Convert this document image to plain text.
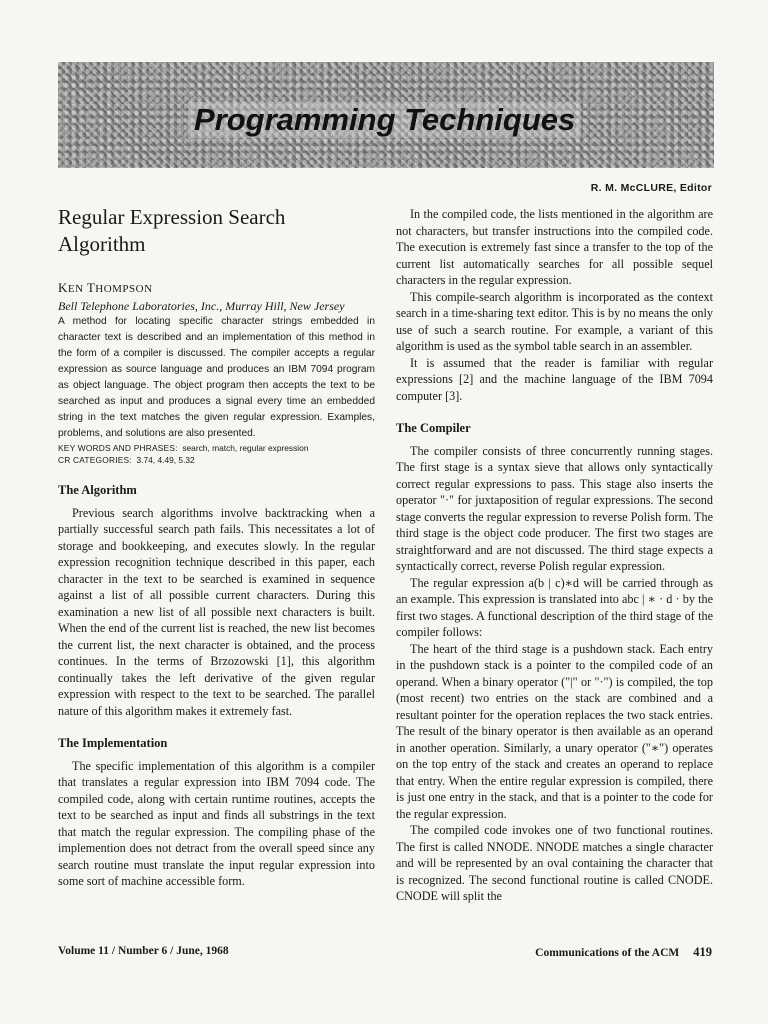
Programming Techniques
R. M. McCLURE, Editor
Regular Expression Search
Algorithm

KEN THOMPSON

Bell Telephone Laboratories, Inc., Murray Hill, New Jersey

A method for locating specific character strings embedded in character text is described and an implementation of this method in the form of a compiler is discussed. The compiler accepts a regular expression as source language and produces an IBM 7094 program as object language. The object program then accepts the text to be searched as input and produces a signal every time an embedded string in the text matches the given regular expression. Examples, problems, and solutions are also presented.

KEY WORDS AND PHRASES: search, match, regular expression

CR CATEGORIES: 3.74, 4.49, 5.32

The Algorithm

Previous search algorithms involve backtracking when a partially successful search path fails. This necessitates a lot of storage and bookkeeping, and executes slowly. In the regular expression recognition technique described in this paper, each character in the text to be searched is examined in sequence against a list of all possible current characters. During this examination a new list of all possible next characters is built. When the end of the current list is reached, the new list becomes the current list, the next character is obtained, and the process continues. In the terms of Brzozowski [1], this algorithm continually takes the left derivative of the given regular expression with respect to the text to be searched. The parallel nature of this algorithm makes it extremely fast.

The Implementation

The specific implementation of this algorithm is a compiler that translates a regular expression into IBM 7094 code. The compiled code, along with certain runtime routines, accepts the text to be searched as input and finds all substrings in the text that match the regular expression. The compiling phase of the implemention does not detract from the overall speed since any search routine must translate the input regular expression into some sort of machine accessible form.

In the compiled code, the lists mentioned in the algorithm are not characters, but transfer instructions into the compiled code. The execution is extremely fast since a transfer to the top of the current list automatically searches for all possible sequel characters in the regular expression.

This compile-search algorithm is incorporated as the context search in a time-sharing text editor. This is by no means the only use of such a search routine. For example, a variant of this algorithm is used as the symbol table search in an assembler.

It is assumed that the reader is familiar with regular expressions [2] and the machine language of the IBM 7094 computer [3].

The Compiler

The compiler consists of three concurrently running stages. The first stage is a syntax sieve that allows only syntactically correct regular expressions to pass. This stage also inserts the operator "·" for juxtaposition of regular expressions. The second stage converts the regular expression to reverse Polish form. The third stage is the object code producer. The first two stages are straightforward and are not discussed. The third stage expects a syntactically correct, reverse Polish regular expression.

The regular expression a(b | c)∗d will be carried through as an example. This expression is translated into abc | ∗ · d · by the first two stages. A functional description of the third stage of the compiler follows:

The heart of the third stage is a pushdown stack. Each entry in the pushdown stack is a pointer to the compiled code of an operand. When a binary operator ("|" or "·") is compiled, the top (most recent) two entries on the stack are combined and a resultant pointer for the operation replaces the two stack entries. The result of the binary operator is then available as an operand in another operation. Similarly, a unary operator ("∗") operates on the top entry of the stack and creates an operand to replace that entry. When the entire regular expression is compiled, there is just one entry in the stack, and that is a pointer to the code for the regular expression.

The compiled code invokes one of two functional routines. The first is called NNODE. NNODE matches a single character and will be represented by an oval containing the character that is recognized. The second functional routine is called CNODE. CNODE will split the

Volume 11 / Number 6 / June, 1968	Communications of the ACM 419
